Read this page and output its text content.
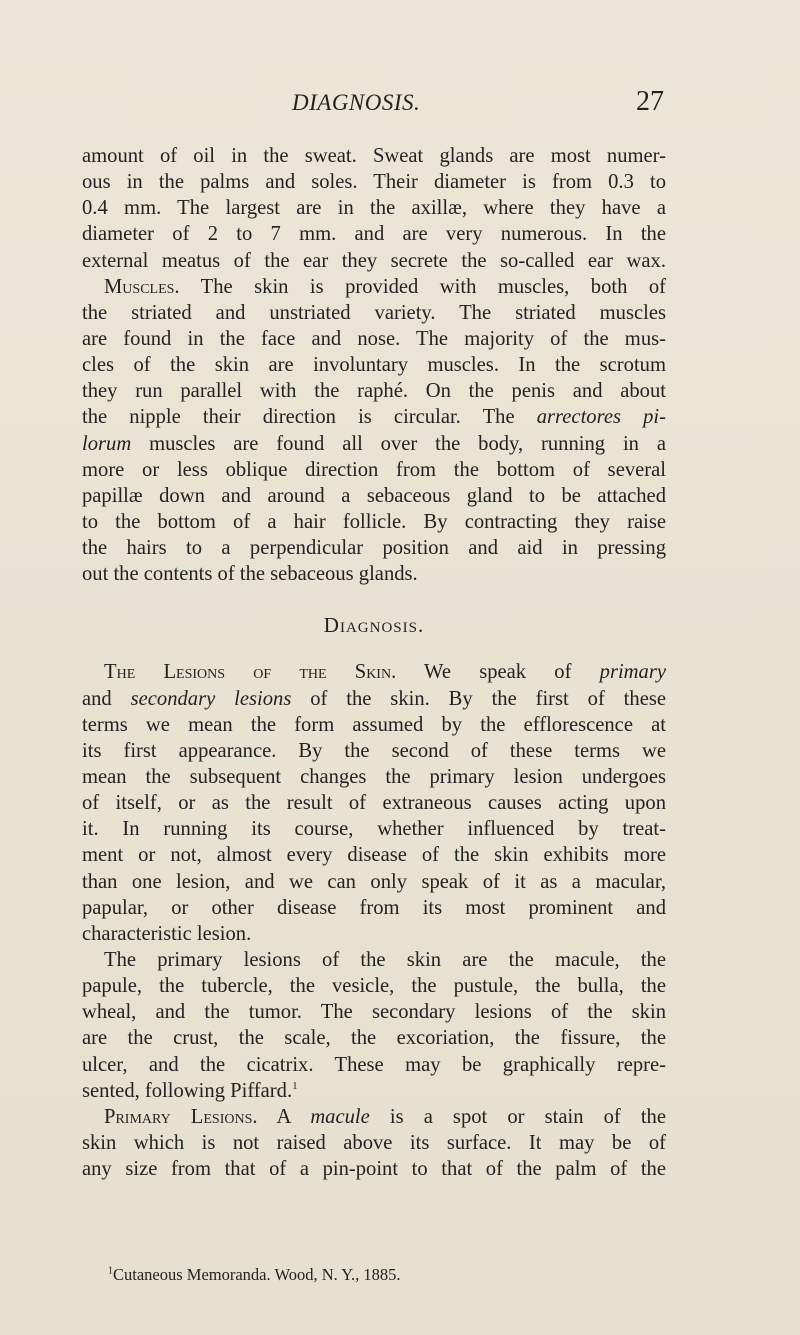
DIAGNOSIS.	27
amount of oil in the sweat. Sweat glands are most numer-
ous in the palms and soles. Their diameter is from 0.3 to
0.4 mm. The largest are in the axillæ, where they have a
diameter of 2 to 7 mm. and are very numerous. In the
external meatus of the ear they secrete the so-called ear wax.
Muscles. The skin is provided with muscles, both of
the striated and unstriated variety. The striated muscles
are found in the face and nose. The majority of the mus-
cles of the skin are involuntary muscles. In the scrotum
they run parallel with the raphé. On the penis and about
the nipple their direction is circular. The arrectores pi-
lorum muscles are found all over the body, running in a
more or less oblique direction from the bottom of several
papillæ down and around a sebaceous gland to be attached
to the bottom of a hair follicle. By contracting they raise
the hairs to a perpendicular position and aid in pressing
out the contents of the sebaceous glands.
Diagnosis.
The Lesions of the Skin. We speak of primary
and secondary lesions of the skin. By the first of these
terms we mean the form assumed by the efflorescence at
its first appearance. By the second of these terms we
mean the subsequent changes the primary lesion undergoes
of itself, or as the result of extraneous causes acting upon
it. In running its course, whether influenced by treat-
ment or not, almost every disease of the skin exhibits more
than one lesion, and we can only speak of it as a macular,
papular, or other disease from its most prominent and
characteristic lesion.
The primary lesions of the skin are the macule, the
papule, the tubercle, the vesicle, the pustule, the bulla, the
wheal, and the tumor. The secondary lesions of the skin
are the crust, the scale, the excoriation, the fissure, the
ulcer, and the cicatrix. These may be graphically repre-
sented, following Piffard.$^1$
Primary Lesions. A macule is a spot or stain of the
skin which is not raised above its surface. It may be of
any size from that of a pin-point to that of the palm of the
$^1$Cutaneous Memoranda. Wood, N. Y., 1885.
